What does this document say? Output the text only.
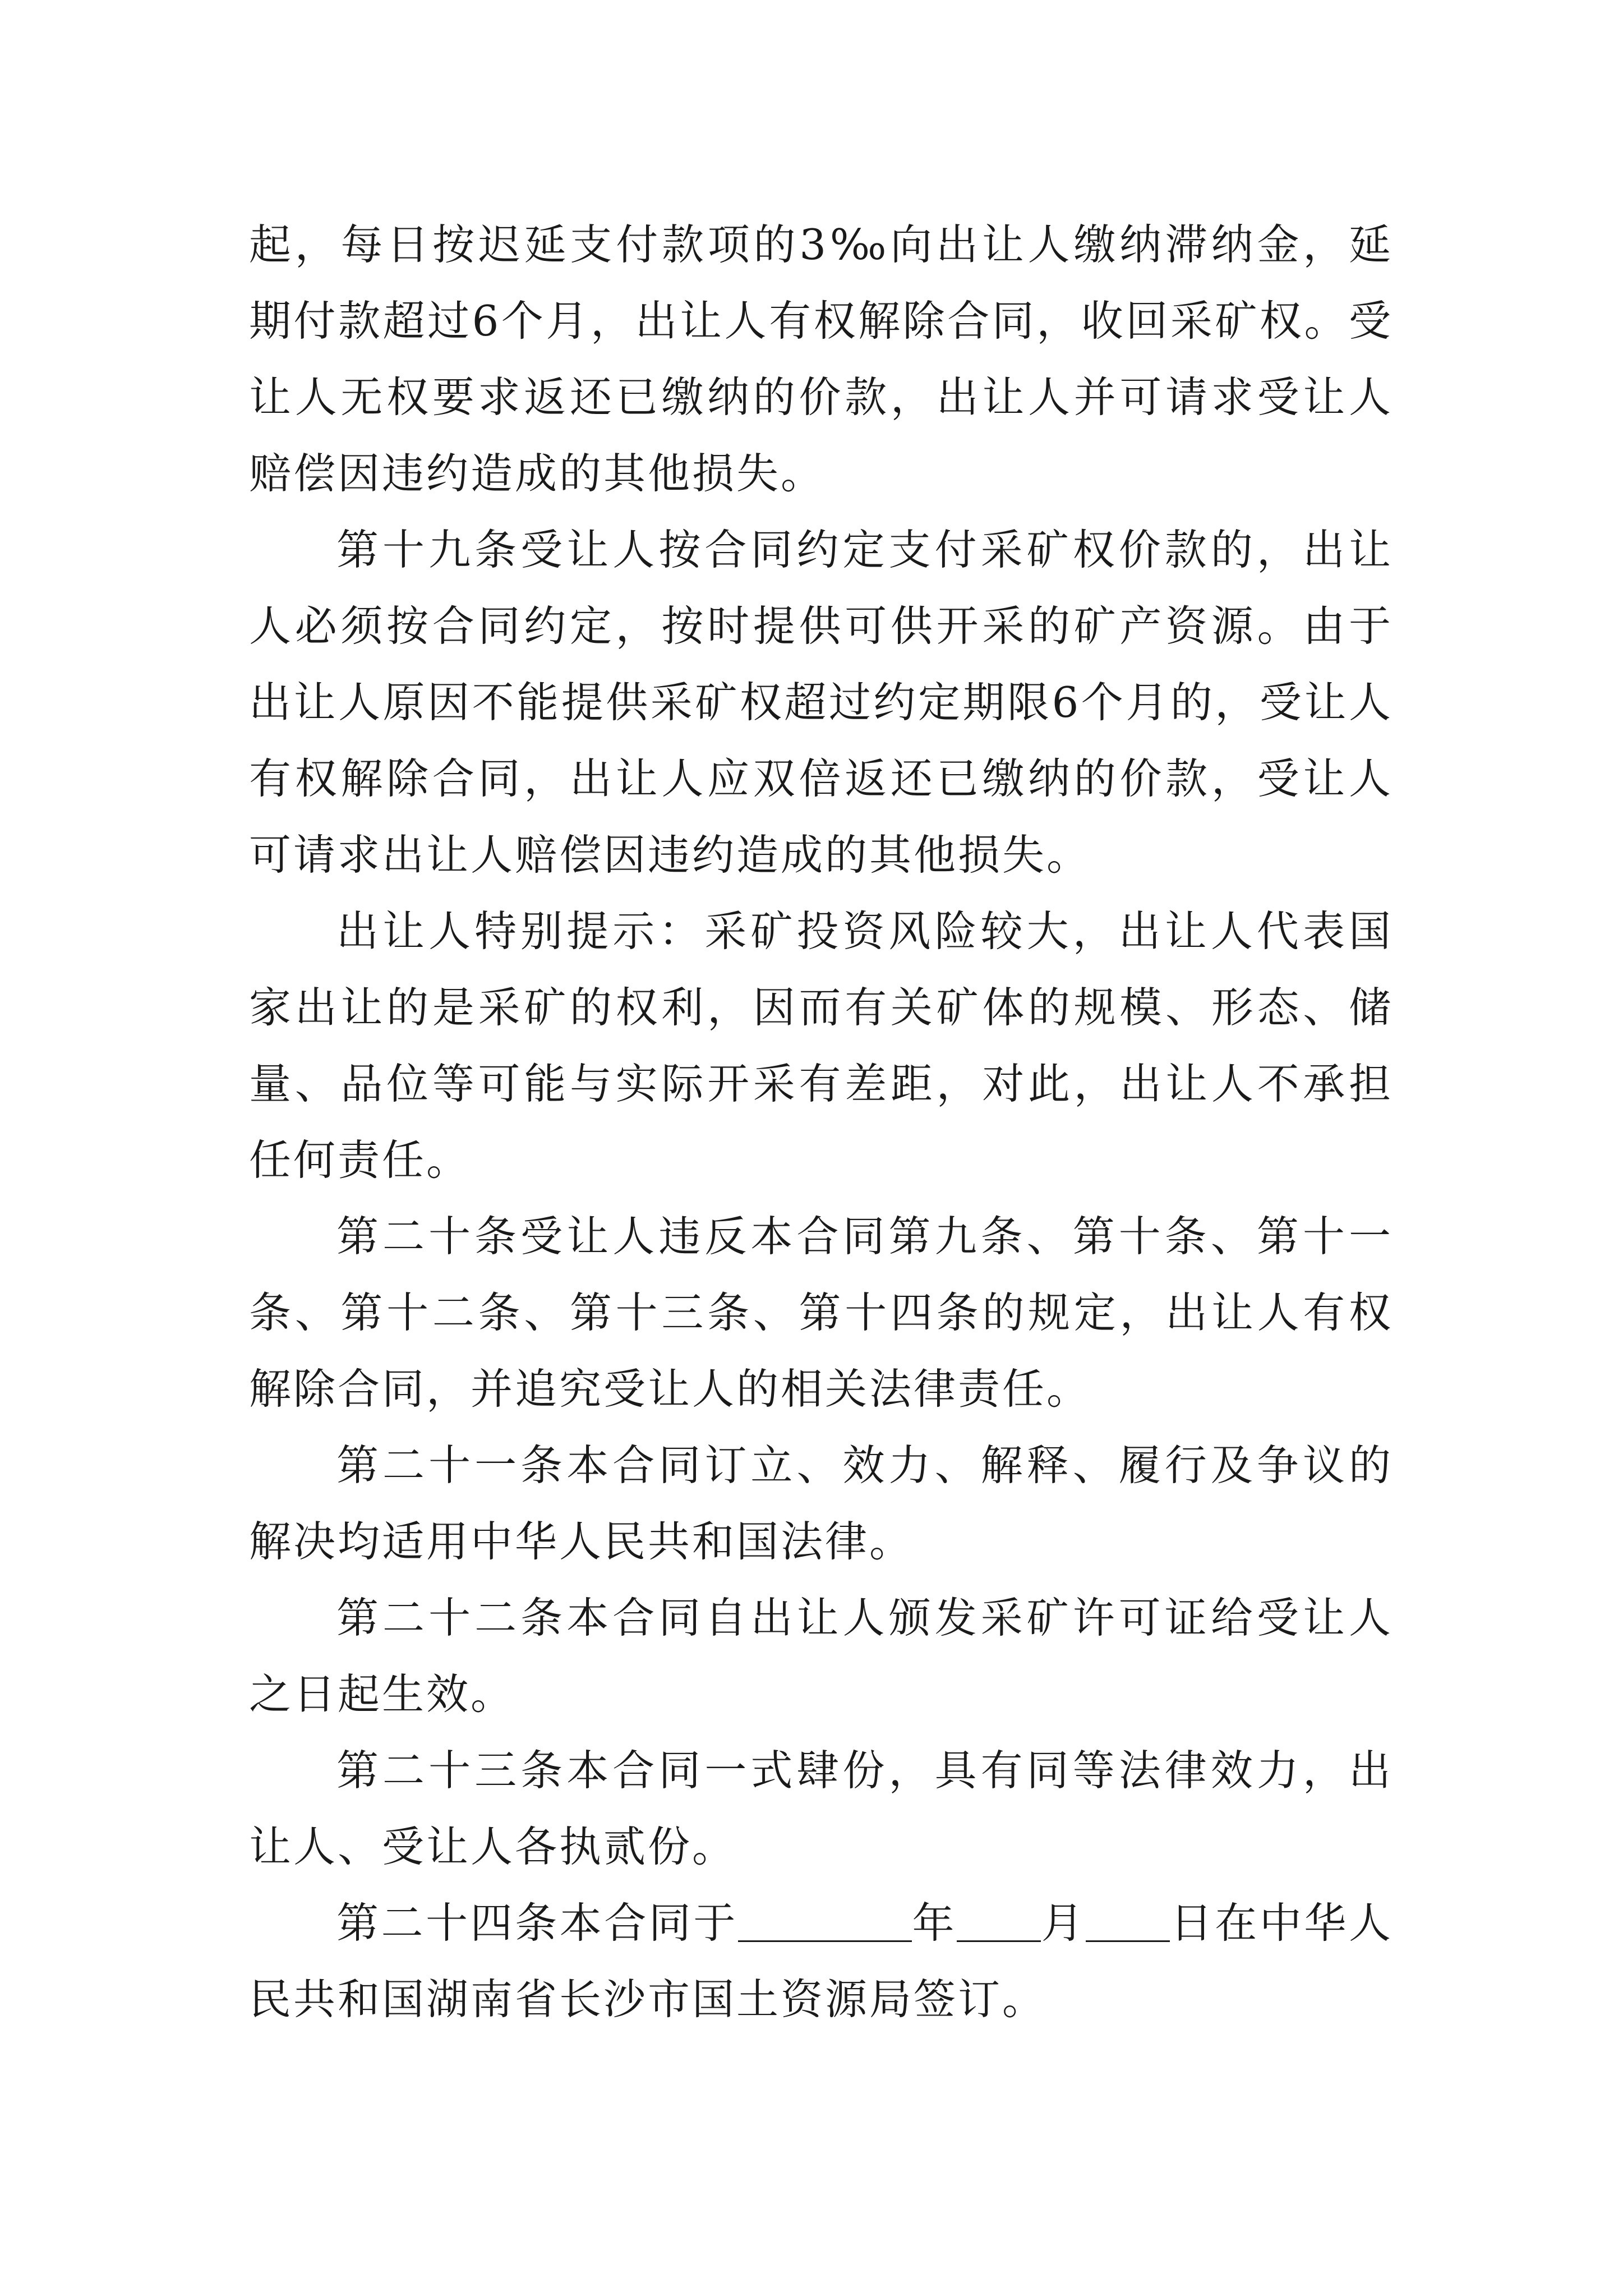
起，每日按迟延支付款项的3‰向出让人缴纳滞纳金，延期付款超过6个月，出让人有权解除合同，收回采矿权。受让人无权要求返还已缴纳的价款，出让人并可请求受让人赔偿因违约造成的其他损失。

第十九条受让人按合同约定支付采矿权价款的，出让人必须按合同约定，按时提供可供开采的矿产资源。由于出让人原因不能提供采矿权超过约定期限6个月的，受让人有权解除合同，出让人应双倍返还已缴纳的价款，受让人可请求出让人赔偿因违约造成的其他损失。

出让人特别提示：采矿投资风险较大，出让人代表国家出让的是采矿的权利，因而有关矿体的规模、形态、储量、品位等可能与实际开采有差距，对此，出让人不承担任何责任。

第二十条受让人违反本合同第九条、第十条、第十一条、第十二条、第十三条、第十四条的规定，出让人有权解除合同，并追究受让人的相关法律责任。

第二十一条本合同订立、效力、解释、履行及争议的解决均适用中华人民共和国法律。

第二十二条本合同自出让人颁发采矿许可证给受让人之日起生效。

第二十三条本合同一式肆份，具有同等法律效力，出让人、受让人各执贰份。

第二十四条本合同于	年 月 日在中华人民共和国湖南省长沙市国土资源局签订。
